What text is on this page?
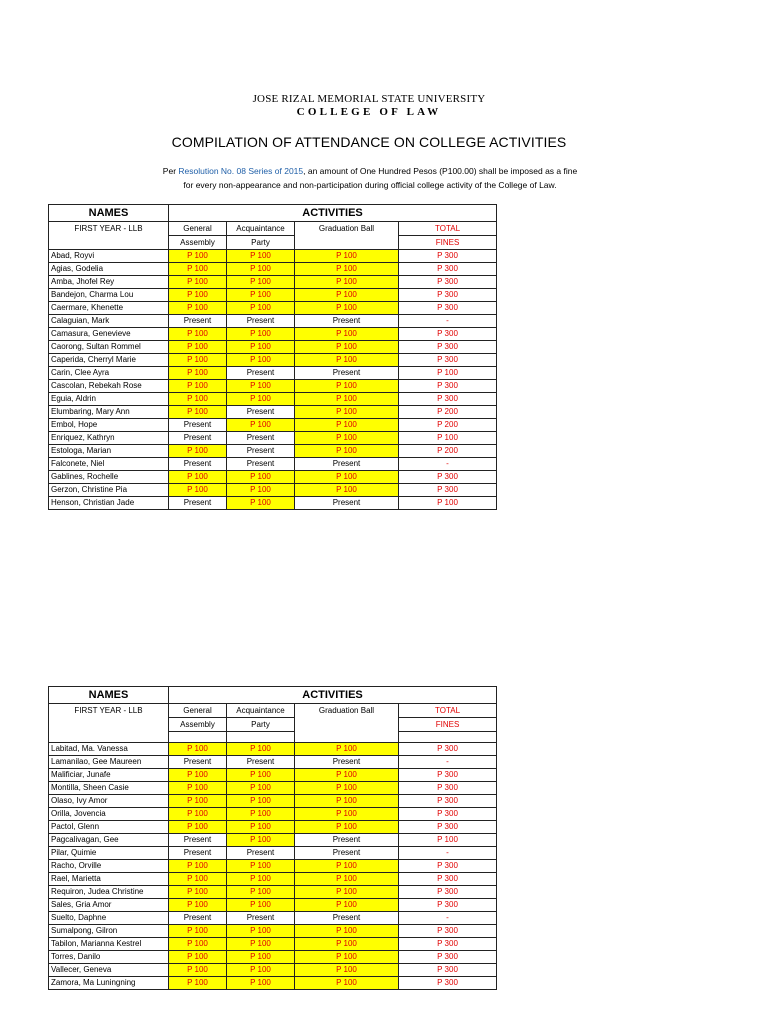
JOSE RIZAL MEMORIAL STATE UNIVERSITY
COLLEGE OF LAW
COMPILATION OF ATTENDANCE ON COLLEGE ACTIVITIES
Per Resolution No. 08 Series of 2015, an amount of One Hundred Pesos (P100.00) shall be imposed as a fine
for every non-appearance and non-participation during official college activity of the College of Law.
NAMES	ACTIVITIES			
FIRST YEAR - LLB	General	Acquaintance	Graduation Ball	TOTAL
	Assembly	Party		FINES
Abad, Royvi	P 100	P 100	P 100	P 300
Agias, Godelia	P 100	P 100	P 100	P 300
Amba, Jhofel Rey	P 100	P 100	P 100	P 300
Bandejon, Charma Lou	P 100	P 100	P 100	P 300
Caermare, Khenette	P 100	P 100	P 100	P 300
Calaguian, Mark	Present	Present	Present	-
Camasura, Genevieve	P 100	P 100	P 100	P 300
Caorong, Sultan Rommel	P 100	P 100	P 100	P 300
Caperida, Cherryl Marie	P 100	P 100	P 100	P 300
Carin, Clee Ayra	P 100	Present	Present	P 100
Cascolan, Rebekah Rose	P 100	P 100	P 100	P 300
Eguia, Aldrin	P 100	P 100	P 100	P 300
Elumbaring, Mary Ann	P 100	Present	P 100	P 200
Embol, Hope	Present	P 100	P 100	P 200
Enriquez, Kathryn	Present	Present	P 100	P 100
Estologa, Marian	P 100	Present	P 100	P 200
Falconete, Niel	Present	Present	Present	-
Gablines, Rochelle	P 100	P 100	P 100	P 300
Gerzon, Christine Pia	P 100	P 100	P 100	P 300
Henson, Christian Jade	Present	P 100	Present	P 100
NAMES	ACTIVITIES			
FIRST YEAR - LLB	General	Acquaintance	Graduation Ball	TOTAL
	Assembly	Party		FINES

Labitad, Ma. Vanessa	P 100	P 100	P 100	P 300
Lamanilao, Gee Maureen	Present	Present	Present	-
Malificiar, Junafe	P 100	P 100	P 100	P 300
Montilla, Sheen Casie	P 100	P 100	P 100	P 300
Olaso, Ivy Amor	P 100	P 100	P 100	P 300
Orilla, Jovencia	P 100	P 100	P 100	P 300
Pactol, Glenn	P 100	P 100	P 100	P 300
Pagcalivagan, Gee	Present	P 100	Present	P 100
Pilar, Quimie	Present	Present	Present	-
Racho, Orville	P 100	P 100	P 100	P 300
Rael, Marietta	P 100	P 100	P 100	P 300
Requiron, Judea Christine	P 100	P 100	P 100	P 300
Sales, Gria Amor	P 100	P 100	P 100	P 300
Suelto, Daphne	Present	Present	Present	-
Sumalpong, Gilron	P 100	P 100	P 100	P 300
Tabilon, Marianna Kestrel	P 100	P 100	P 100	P 300
Torres, Danilo	P 100	P 100	P 100	P 300
Vallecer, Geneva	P 100	P 100	P 100	P 300
Zamora, Ma Luningning	P 100	P 100	P 100	P 300
